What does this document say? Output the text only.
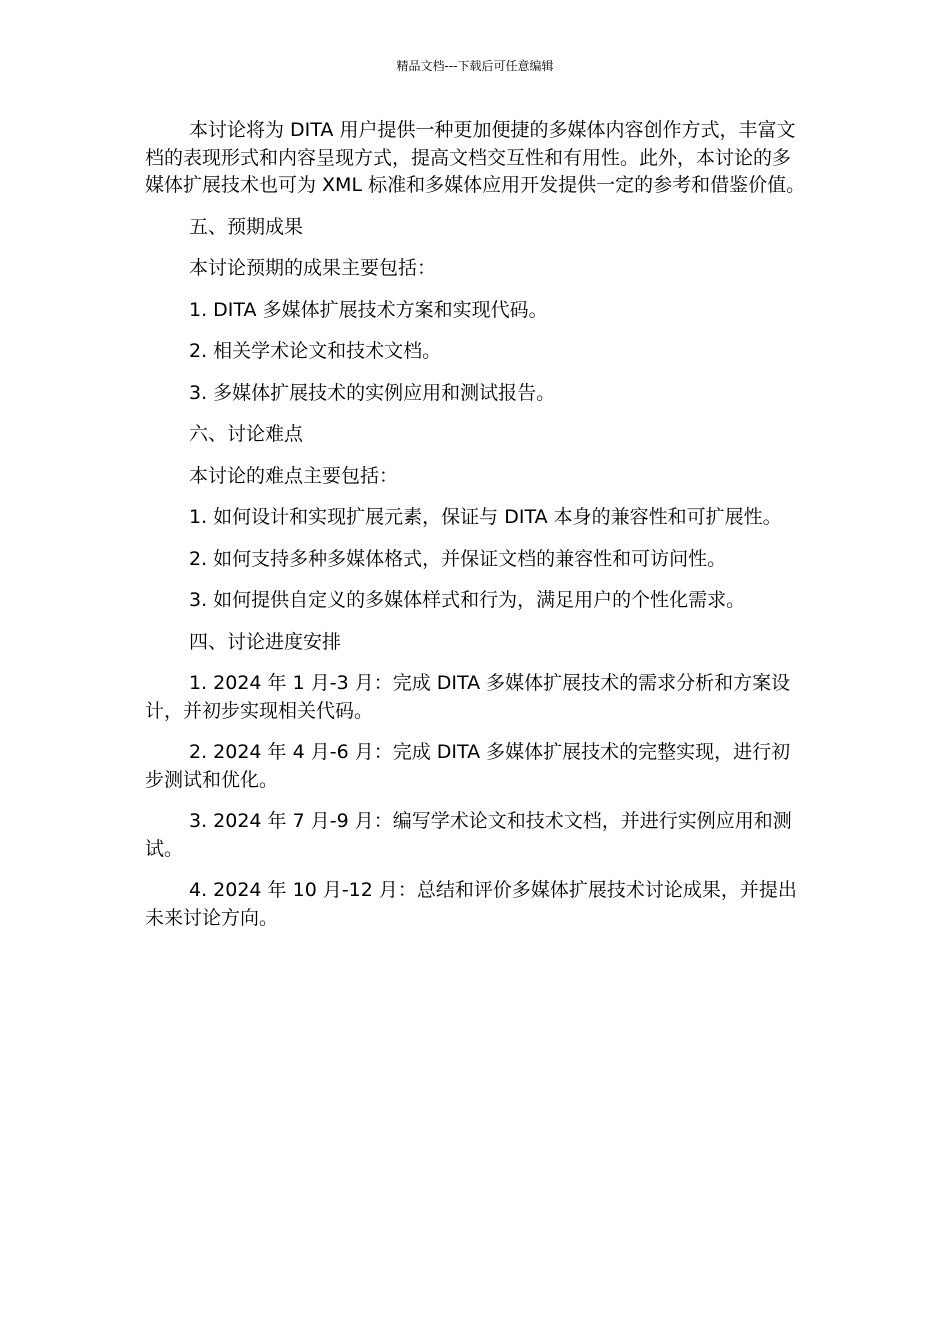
精品文档---下载后可任意编辑

本讨论将为 DITA 用户提供一种更加便捷的多媒体内容创作方式，丰富文档的表现形式和内容呈现方式，提高文档交互性和有用性。此外，本讨论的多媒体扩展技术也可为 XML 标准和多媒体应用开发提供一定的参考和借鉴价值。

五、预期成果

本讨论预期的成果主要包括：

1. DITA 多媒体扩展技术方案和实现代码。

2. 相关学术论文和技术文档。

3. 多媒体扩展技术的实例应用和测试报告。

六、讨论难点

本讨论的难点主要包括：

1. 如何设计和实现扩展元素，保证与 DITA 本身的兼容性和可扩展性。

2. 如何支持多种多媒体格式，并保证文档的兼容性和可访问性。

3. 如何提供自定义的多媒体样式和行为，满足用户的个性化需求。

四、讨论进度安排

1. 2024 年 1 月-3 月：完成 DITA 多媒体扩展技术的需求分析和方案设计，并初步实现相关代码。

2. 2024 年 4 月-6 月：完成 DITA 多媒体扩展技术的完整实现，进行初步测试和优化。

3. 2024 年 7 月-9 月：编写学术论文和技术文档，并进行实例应用和测试。

4. 2024 年 10 月-12 月：总结和评价多媒体扩展技术讨论成果，并提出未来讨论方向。
